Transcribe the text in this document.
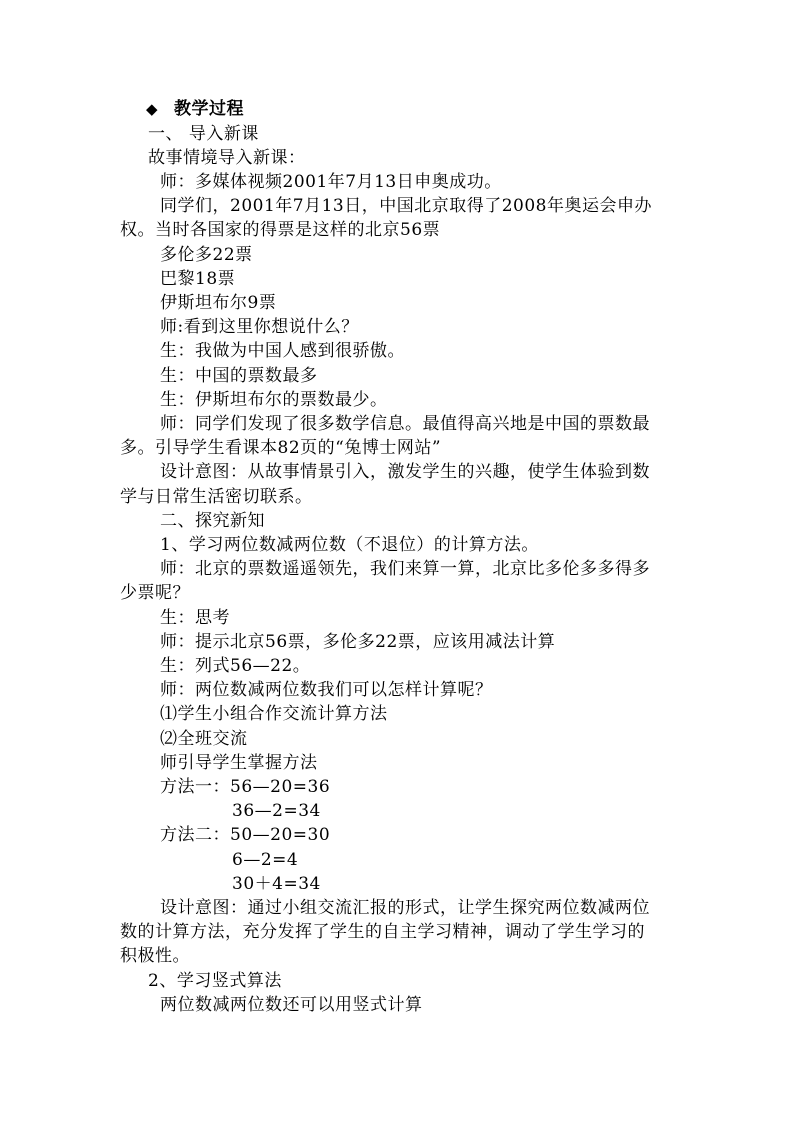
◆ 教学过程
一、 导入新课
故事情境导入新课：
师：多媒体视频2001年7月13日申奥成功。
同学们，2001年7月13日，中国北京取得了2008年奥运会申办
权。当时各国家的得票是这样的北京56票
多伦多22票
巴黎18票
伊斯坦布尔9票
师:看到这里你想说什么？
生：我做为中国人感到很骄傲。
生：中国的票数最多
生：伊斯坦布尔的票数最少。
师：同学们发现了很多数学信息。最值得高兴地是中国的票数最
多。引导学生看课本82页的“兔博士网站”
设计意图：从故事情景引入，激发学生的兴趣，使学生体验到数
学与日常生活密切联系。
二、探究新知
1、学习两位数减两位数（不退位）的计算方法。
师：北京的票数遥遥领先，我们来算一算，北京比多伦多多得多
少票呢？
生：思考
师：提示北京56票，多伦多22票，应该用减法计算
生：列式56—22。
师：两位数减两位数我们可以怎样计算呢？
⑴学生小组合作交流计算方法
⑵全班交流
师引导学生掌握方法
方法一：56—20=36
36—2=34
方法二：50—20=30
6—2=4
30＋4=34
设计意图：通过小组交流汇报的形式，让学生探究两位数减两位
数的计算方法，充分发挥了学生的自主学习精神，调动了学生学习的
积极性。
2、学习竖式算法
两位数减两位数还可以用竖式计算
